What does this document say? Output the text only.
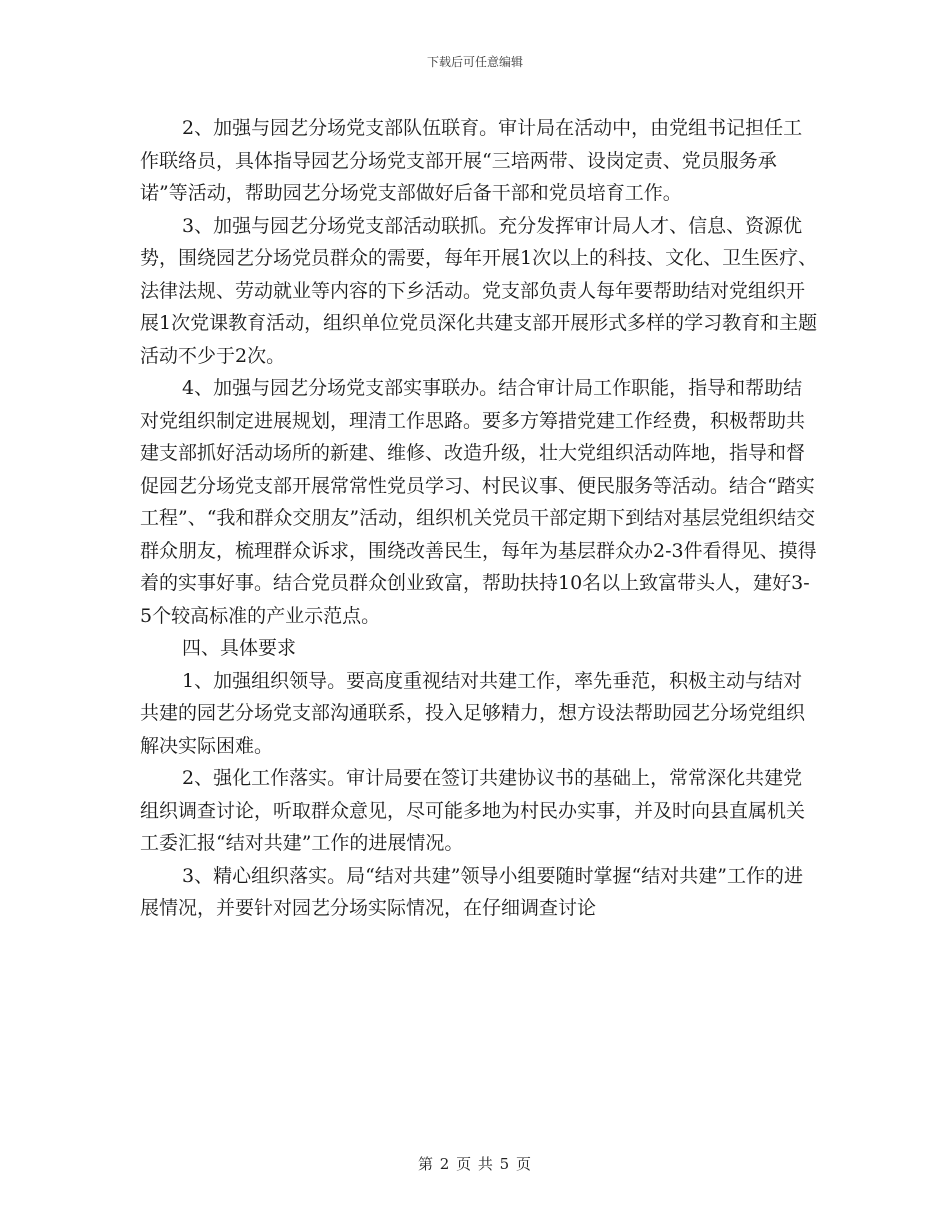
下载后可任意编辑

2、加强与园艺分场党支部队伍联育。审计局在活动中，由党组书记担任工作联络员，具体指导园艺分场党支部开展“三培两带、设岗定责、党员服务承诺”等活动，帮助园艺分场党支部做好后备干部和党员培育工作。

3、加强与园艺分场党支部活动联抓。充分发挥审计局人才、信息、资源优势，围绕园艺分场党员群众的需要，每年开展1次以上的科技、文化、卫生医疗、法律法规、劳动就业等内容的下乡活动。党支部负责人每年要帮助结对党组织开展1次党课教育活动，组织单位党员深化共建支部开展形式多样的学习教育和主题活动不少于2次。

4、加强与园艺分场党支部实事联办。结合审计局工作职能，指导和帮助结对党组织制定进展规划，理清工作思路。要多方筹措党建工作经费，积极帮助共建支部抓好活动场所的新建、维修、改造升级，壮大党组织活动阵地，指导和督促园艺分场党支部开展常常性党员学习、村民议事、便民服务等活动。结合“踏实工程”、“我和群众交朋友”活动，组织机关党员干部定期下到结对基层党组织结交群众朋友，梳理群众诉求，围绕改善民生，每年为基层群众办2-3件看得见、摸得着的实事好事。结合党员群众创业致富，帮助扶持10名以上致富带头人，建好3-5个较高标准的产业示范点。

四、具体要求

1、加强组织领导。要高度重视结对共建工作，率先垂范，积极主动与结对共建的园艺分场党支部沟通联系，投入足够精力，想方设法帮助园艺分场党组织解决实际困难。

2、强化工作落实。审计局要在签订共建协议书的基础上，常常深化共建党组织调查讨论，听取群众意见，尽可能多地为村民办实事，并及时向县直属机关工委汇报“结对共建”工作的进展情况。

3、精心组织落实。局“结对共建”领导小组要随时掌握“结对共建”工作的进展情况，并要针对园艺分场实际情况，在仔细调查讨论

第 2 页 共 5 页
